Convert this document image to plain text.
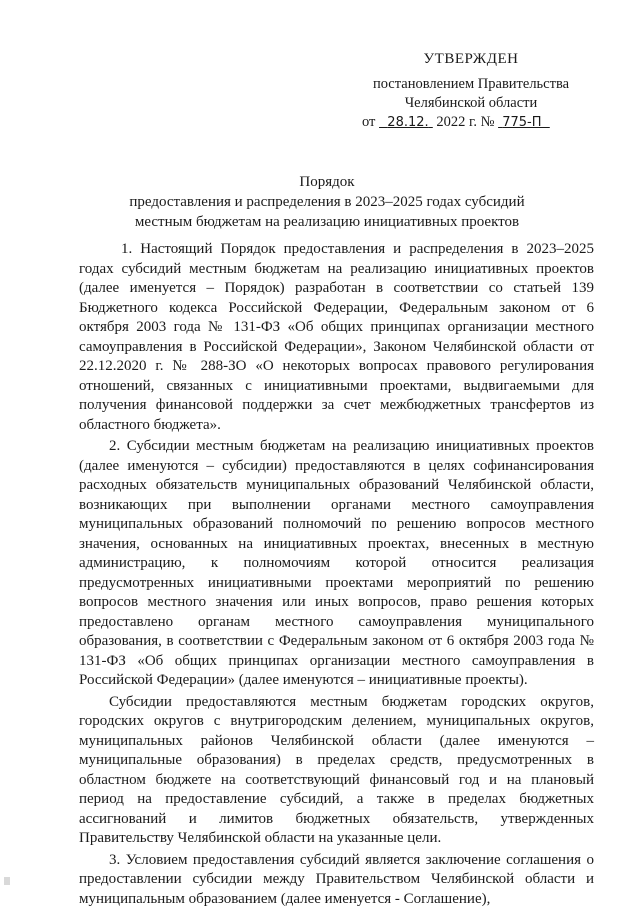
УТВЕРЖДЕН
постановлением Правительства
Челябинской области
от 28.12. 2022 г. № 775-П
Порядок
предоставления и распределения в 2023–2025 годах субсидий
местным бюджетам на реализацию инициативных проектов

1. Настоящий Порядок предоставления и распределения в 2023–2025 годах субсидий местным бюджетам на реализацию инициативных проектов (далее именуется – Порядок) разработан в соответствии со статьей 139 Бюджетного кодекса Российской Федерации, Федеральным законом от 6 октября 2003 года № 131-ФЗ «Об общих принципах организации местного самоуправления в Российской Федерации», Законом Челябинской области от 22.12.2020 г. № 288-ЗО «О некоторых вопросах правового регулирования отношений, связанных с инициативными проектами, выдвигаемыми для получения финансовой поддержки за счет межбюджетных трансфертов из областного бюджета».

2. Субсидии местным бюджетам на реализацию инициативных проектов (далее именуются – субсидии) предоставляются в целях софинансирования расходных обязательств муниципальных образований Челябинской области, возникающих при выполнении органами местного самоуправления муниципальных образований полномочий по решению вопросов местного значения, основанных на инициативных проектах, внесенных в местную администрацию, к полномочиям которой относится реализация предусмотренных инициативными проектами мероприятий по решению вопросов местного значения или иных вопросов, право решения которых предоставлено органам местного самоуправления муниципального образования, в соответствии с Федеральным законом от 6 октября 2003 года № 131-ФЗ «Об общих принципах организации местного самоуправления в Российской Федерации» (далее именуются – инициативные проекты).

Субсидии предоставляются местным бюджетам городских округов, городских округов с внутригородским делением, муниципальных округов, муниципальных районов Челябинской области (далее именуются – муниципальные образования) в пределах средств, предусмотренных в областном бюджете на соответствующий финансовый год и на плановый период на предоставление субсидий, а также в пределах бюджетных ассигнований и лимитов бюджетных обязательств, утвержденных Правительству Челябинской области на указанные цели.

3. Условием предоставления субсидий является заключение соглашения о предоставлении субсидии между Правительством Челябинской области и муниципальным образованием (далее именуется - Соглашение),
